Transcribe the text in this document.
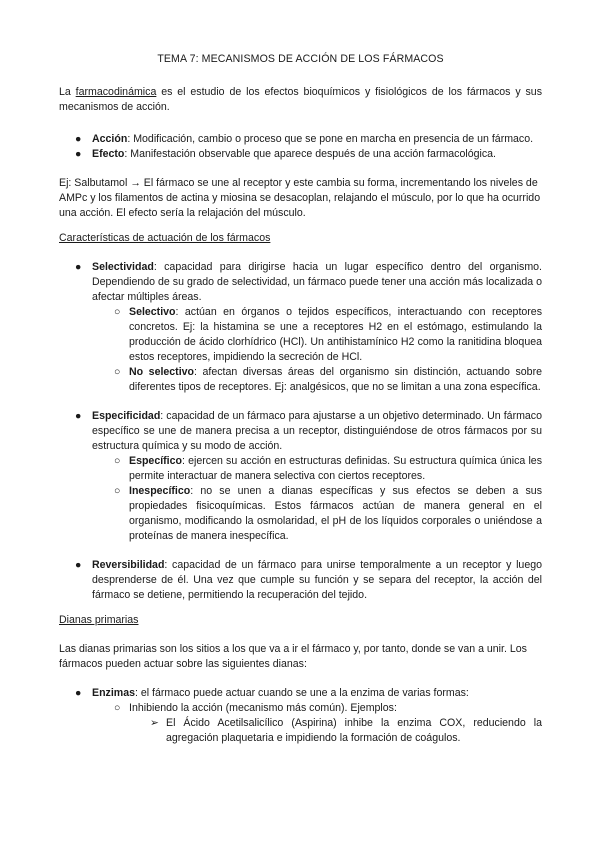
TEMA 7: MECANISMOS DE ACCIÓN DE LOS FÁRMACOS

La farmacodinámica es el estudio de los efectos bioquímicos y fisiológicos de los fármacos y sus mecanismos de acción.

● Acción: Modificación, cambio o proceso que se pone en marcha en presencia de un fármaco.
● Efecto: Manifestación observable que aparece después de una acción farmacológica.

Ej: Salbutamol → El fármaco se une al receptor y este cambia su forma, incrementando los niveles de AMPc y los filamentos de actina y miosina se desacoplan, relajando el músculo, por lo que ha ocurrido una acción. El efecto sería la relajación del músculo.

Características de actuación de los fármacos

● Selectividad: capacidad para dirigirse hacia un lugar específico dentro del organismo. Dependiendo de su grado de selectividad, un fármaco puede tener una acción más localizada o afectar múltiples áreas.
○ Selectivo: actúan en órganos o tejidos específicos, interactuando con receptores concretos. Ej: la histamina se une a receptores H2 en el estómago, estimulando la producción de ácido clorhídrico (HCl). Un antihistamínico H2 como la ranitidina bloquea estos receptores, impidiendo la secreción de HCl.
○ No selectivo: afectan diversas áreas del organismo sin distinción, actuando sobre diferentes tipos de receptores. Ej: analgésicos, que no se limitan a una zona específica.
● Especificidad: capacidad de un fármaco para ajustarse a un objetivo determinado. Un fármaco específico se une de manera precisa a un receptor, distinguiéndose de otros fármacos por su estructura química y su modo de acción.
○ Específico: ejercen su acción en estructuras definidas. Su estructura química única les permite interactuar de manera selectiva con ciertos receptores.
○ Inespecífico: no se unen a dianas específicas y sus efectos se deben a sus propiedades fisicoquímicas. Estos fármacos actúan de manera general en el organismo, modificando la osmolaridad, el pH de los líquidos corporales o uniéndose a proteínas de manera inespecífica.
● Reversibilidad: capacidad de un fármaco para unirse temporalmente a un receptor y luego desprenderse de él. Una vez que cumple su función y se separa del receptor, la acción del fármaco se detiene, permitiendo la recuperación del tejido.

Dianas primarias

Las dianas primarias son los sitios a los que va a ir el fármaco y, por tanto, donde se van a unir. Los fármacos pueden actuar sobre las siguientes dianas:

● Enzimas: el fármaco puede actuar cuando se une a la enzima de varias formas:
○ Inhibiendo la acción (mecanismo más común). Ejemplos:
➢ El Ácido Acetilsalicílico (Aspirina) inhibe la enzima COX, reduciendo la agregación plaquetaria e impidiendo la formación de coágulos.
